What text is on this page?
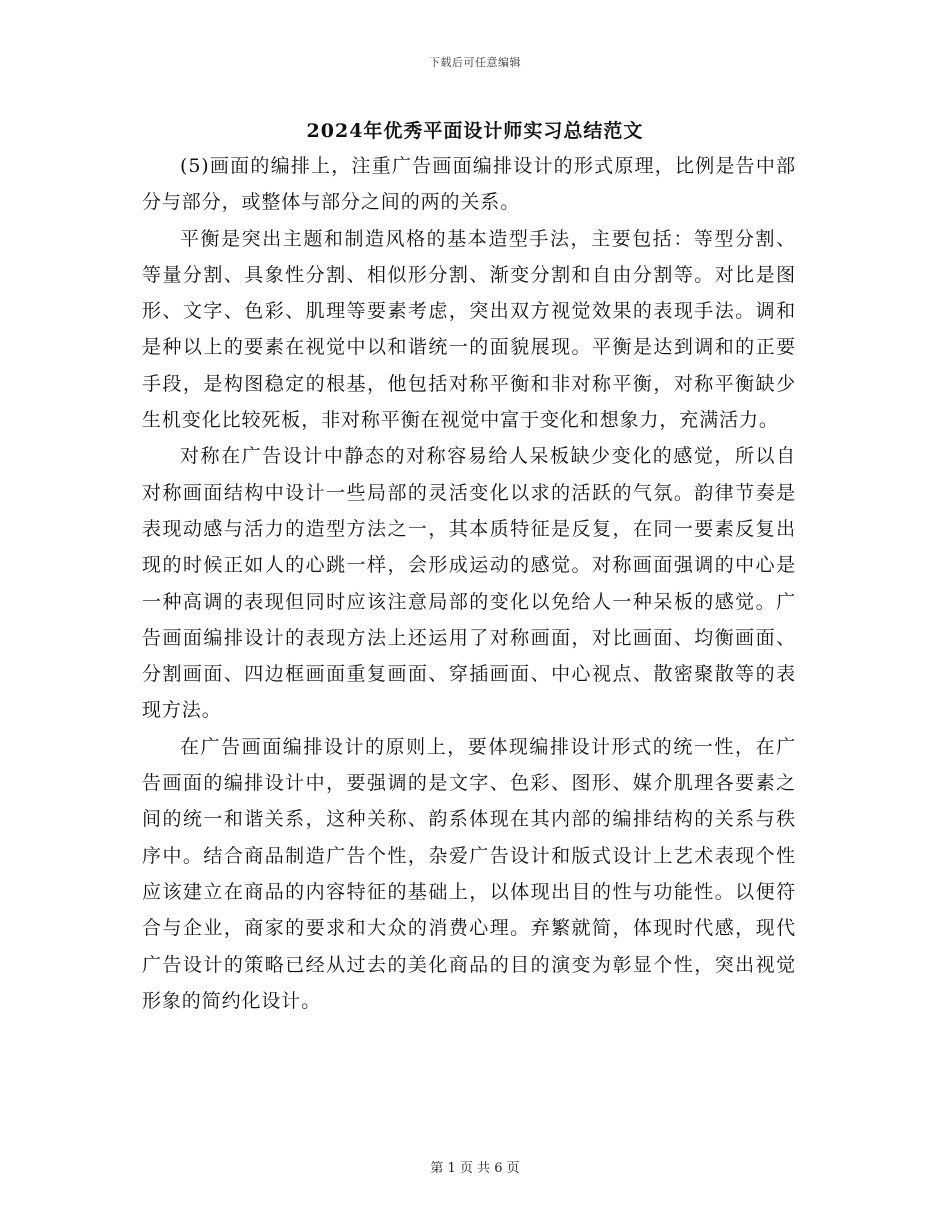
下载后可任意编辑
2024年优秀平面设计师实习总结范文

(5)画面的编排上，注重广告画面编排设计的形式原理，比例是告中部分与部分，或整体与部分之间的两的关系。

平衡是突出主题和制造风格的基本造型手法，主要包括：等型分割、等量分割、具象性分割、相似形分割、渐变分割和自由分割等。对比是图形、文字、色彩、肌理等要素考虑，突出双方视觉效果的表现手法。调和是种以上的要素在视觉中以和谐统一的面貌展现。平衡是达到调和的正要手段，是构图稳定的根基，他包括对称平衡和非对称平衡，对称平衡缺少生机变化比较死板，非对称平衡在视觉中富于变化和想象力，充满活力。

对称在广告设计中静态的对称容易给人呆板缺少变化的感觉，所以自对称画面结构中设计一些局部的灵活变化以求的活跃的气氛。韵律节奏是表现动感与活力的造型方法之一，其本质特征是反复，在同一要素反复出现的时候正如人的心跳一样，会形成运动的感觉。对称画面强调的中心是一种高调的表现但同时应该注意局部的变化以免给人一种呆板的感觉。广告画面编排设计的表现方法上还运用了对称画面，对比画面、均衡画面、分割画面、四边框画面重复画面、穿插画面、中心视点、散密聚散等的表现方法。

在广告画面编排设计的原则上，要体现编排设计形式的统一性，在广告画面的编排设计中，要强调的是文字、色彩、图形、媒介肌理各要素之间的统一和谐关系，这种关称、韵系体现在其内部的编排结构的关系与秩序中。结合商品制造广告个性，杂爱广告设计和版式设计上艺术表现个性应该建立在商品的内容特征的基础上，以体现出目的性与功能性。以便符合与企业，商家的要求和大众的消费心理。弃繁就简，体现时代感，现代广告设计的策略已经从过去的美化商品的目的演变为彰显个性，突出视觉形象的简约化设计。

第 1 页 共 6 页
